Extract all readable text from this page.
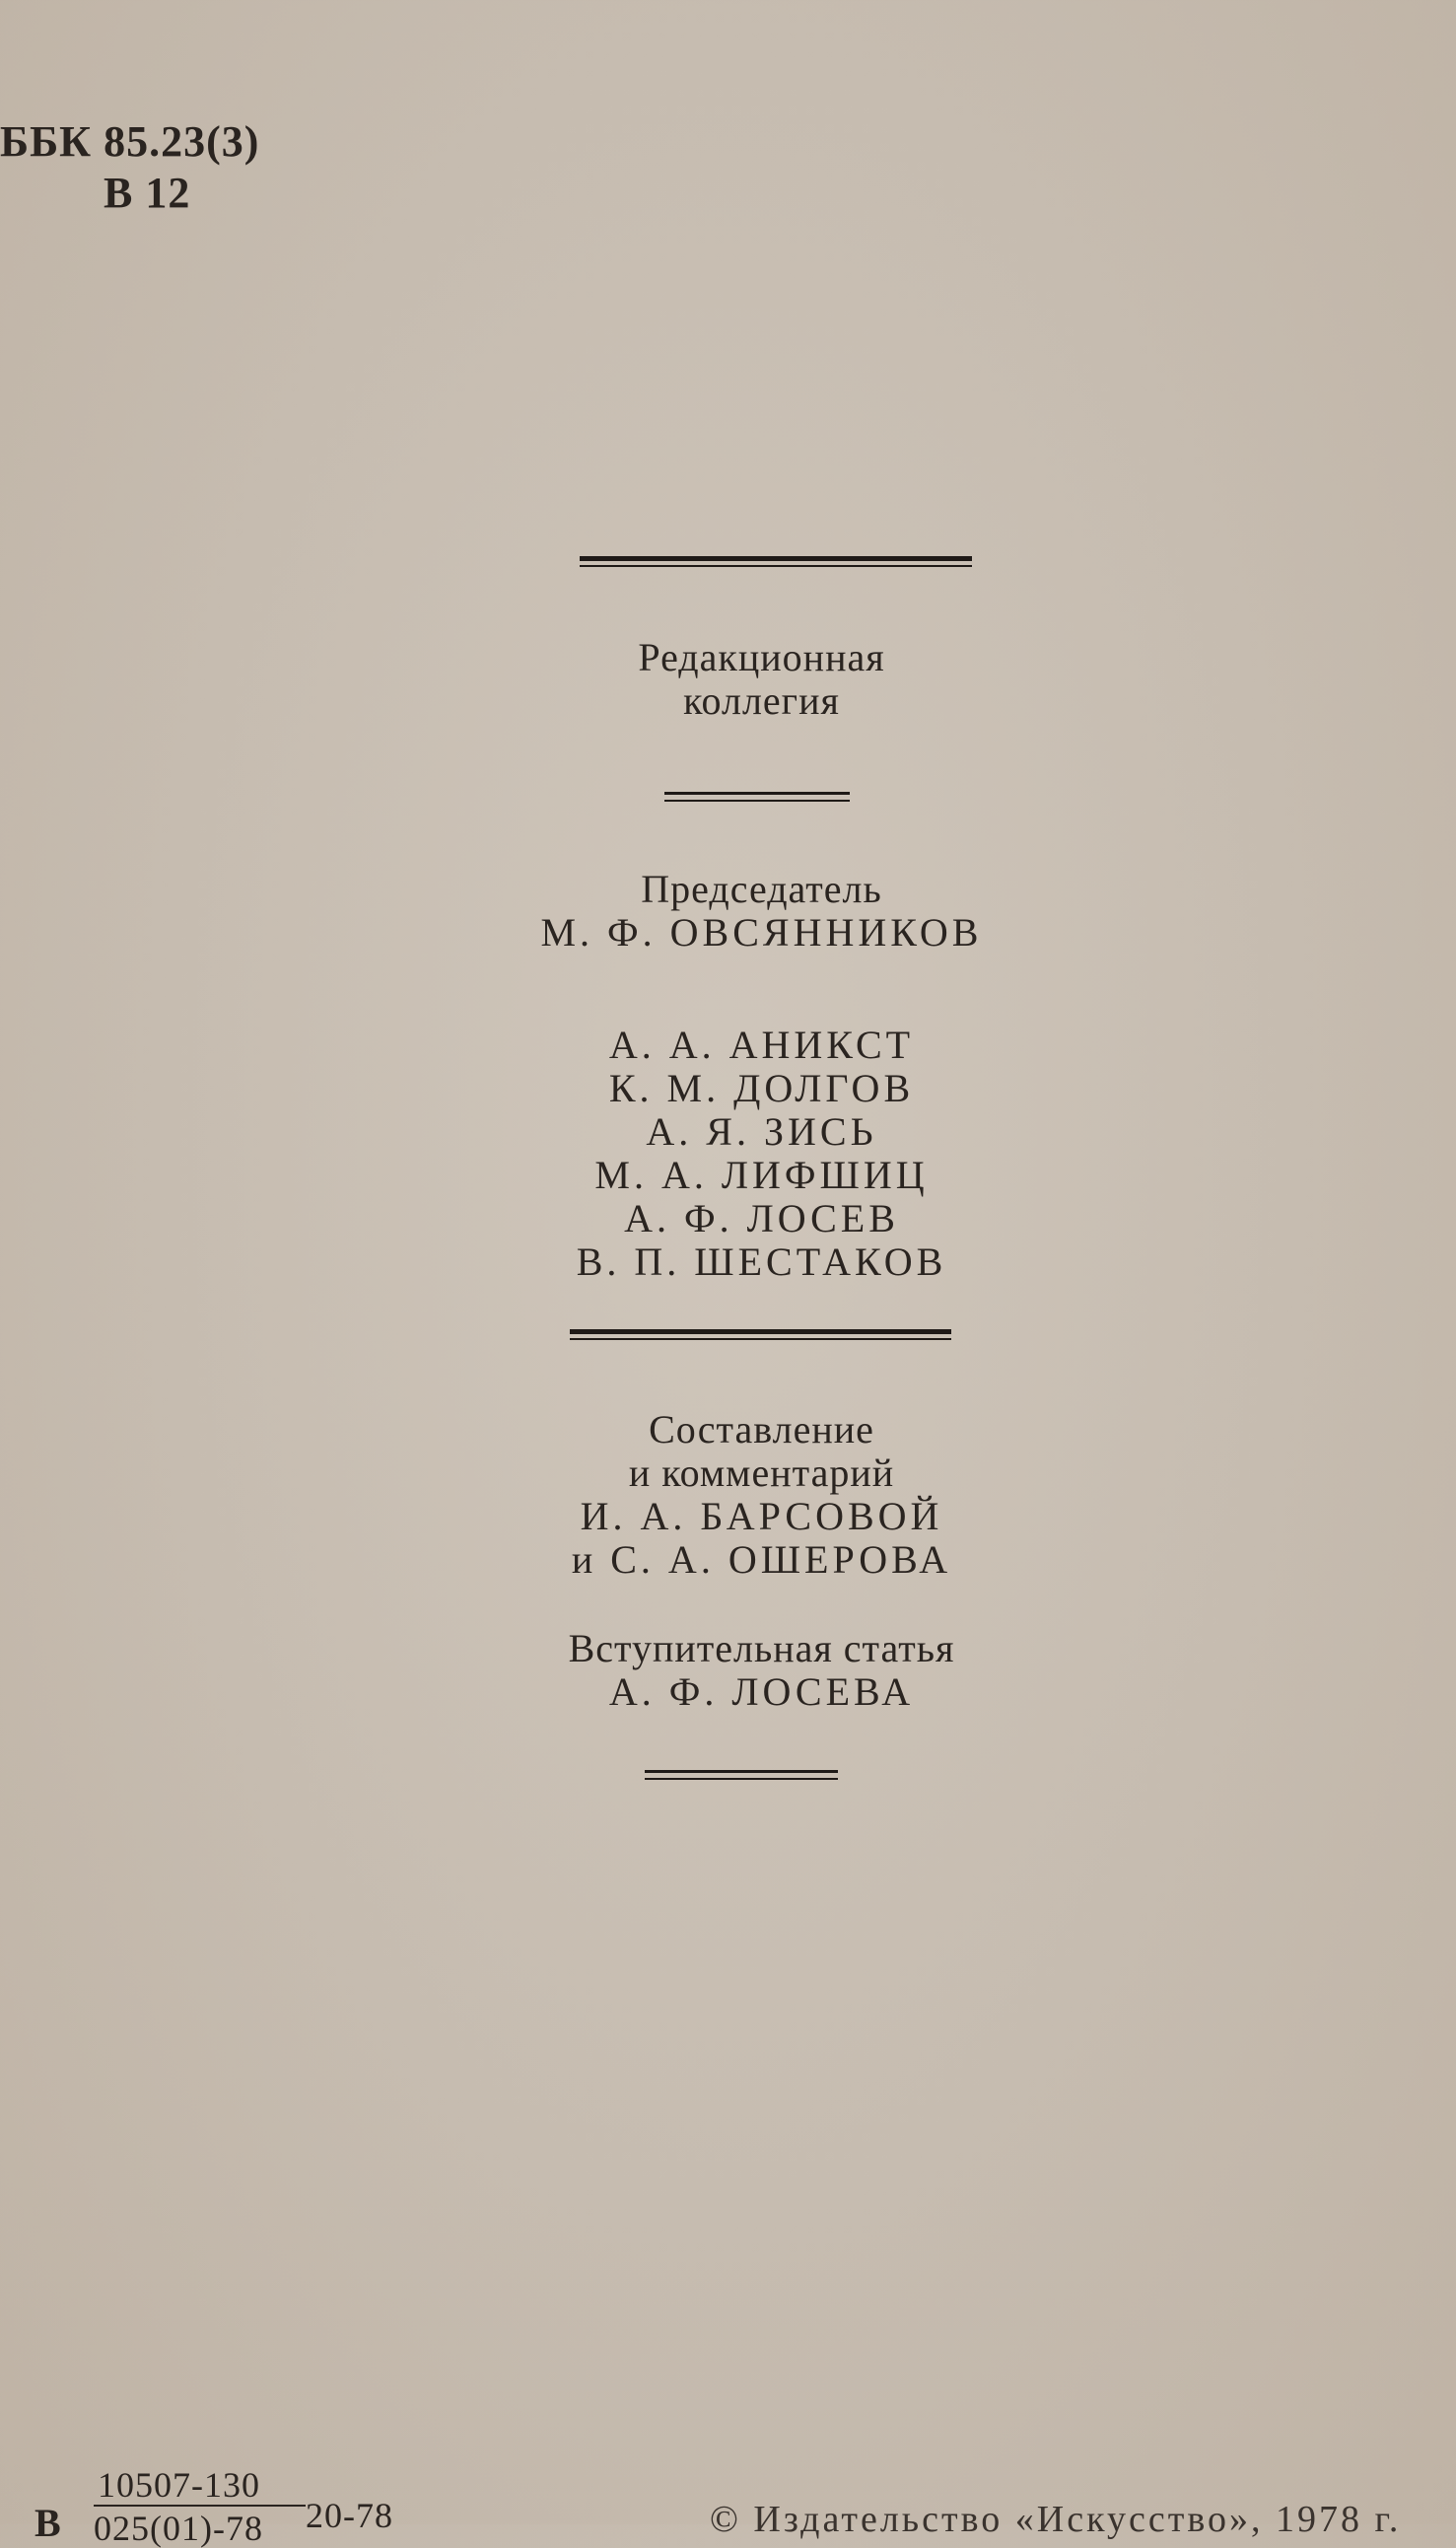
ББК 85.23(3)
В 12
Редакционная
коллегия
Председатель
М. Ф. ОВСЯННИКОВ
А. А. АНИКСТ
К. М. ДОЛГОВ
А. Я. ЗИСЬ
М. А. ЛИФШИЦ
А. Ф. ЛОСЕВ
В. П. ШЕСТАКОВ
Составление
и комментарий
И. А. БАРСОВОЙ
и С. А. ОШЕРОВА
Вступительная статья
А. Ф. ЛОСЕВА
В $\frac{10507-130}{025(01)-78} 20-78$	© Издательство «Искусство», 1978 г.
